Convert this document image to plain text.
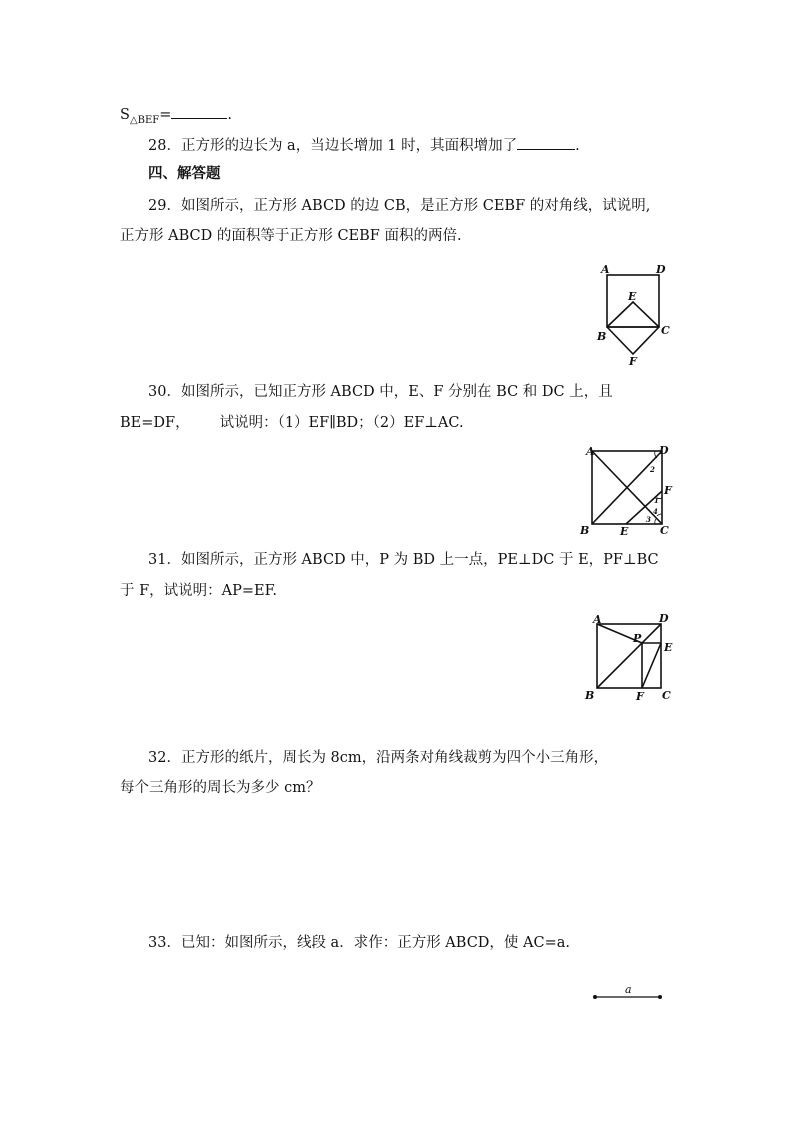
$S_{\triangle BEF}=$	.
28．正方形的边长为 a，当边长增加 1 时，其面积增加了	.
四、解答题
29．如图所示，正方形 ABCD 的边 CB，是正方形 CEBF 的对角线，试说明,
正方形 ABCD 的面积等于正方形 CEBF 面积的两倍.
A	D
E
B	C
F
30．如图所示，已知正方形 ABCD 中，E、F 分别在 BC 和 DC 上，且
BE=DF， 试说明：（1）EF∥BD；（2）EF⊥AC.
A	D
F
B	E	C
2
1
4
3
31．如图所示，正方形 ABCD 中，P 为 BD 上一点，PE⊥DC 于 E，PF⊥BC
于 F，试说明：AP=EF.
A	D
P
E
B	F C
32．正方形的纸片，周长为 8cm，沿两条对角线裁剪为四个小三角形，
每个三角形的周长为多少 cm？
33．已知：如图所示，线段 a．求作：正方形 ABCD，使 AC=a.
a
